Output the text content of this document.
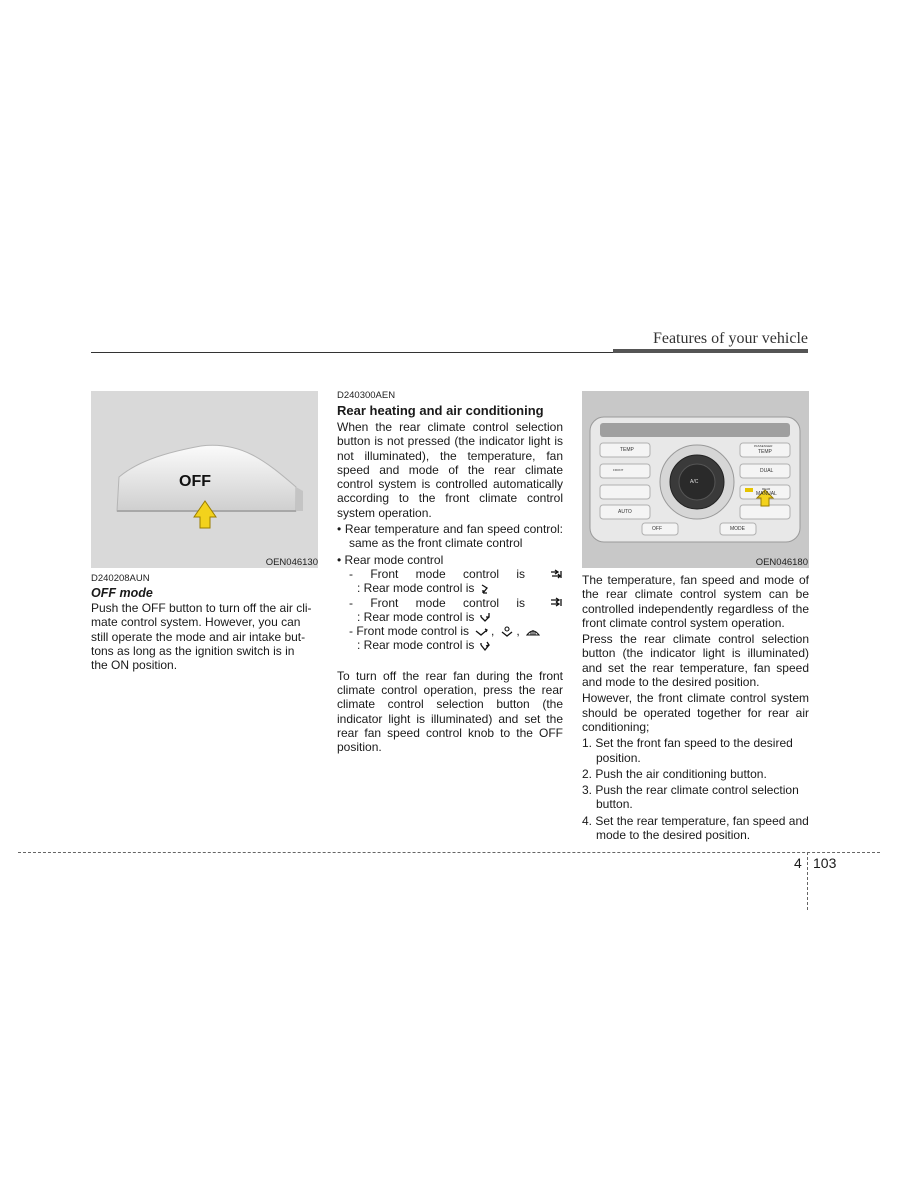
Features of your vehicle
OFF
OEN046130
D240208AUN
OFF mode

Push the OFF button to turn off the air cli-

mate control system. However, you can

still operate the mode and air intake but-

tons as long as the ignition switch is in

the ON position.

D240300AEN
Rear heating and air conditioning

When the rear climate control selection button is not pressed (the indicator light is not illuminated), the temperature, fan speed and mode of the rear climate control system is controlled automatically according to the front climate control system operation.

• Rear temperature and fan speed control: same as the front climate control

• Rear mode control

- Front mode control is

: Rear mode control is

- Front mode control is

: Rear mode control is

- Front mode control is , ,

: Rear mode control is

To turn off the rear fan during the front climate control operation, press the rear climate control selection button (the indicator light is illuminated) and set the rear fan speed control knob to the OFF position.

TEMP
PASSENGER
TEMP
DUAL
REAR
MANUAL
FRONT
AUTO
OFF	MODE
A/C
OEN046180

The temperature, fan speed and mode of the rear climate control system can be controlled independently regardless of the front climate control system operation.

Press the rear climate control selection button (the indicator light is illuminated) and set the rear temperature, fan speed and mode to the desired position.

However, the front climate control system should be operated together for rear air conditioning;

1. Set the front fan speed to the desired position.

2. Push the air conditioning button.

3. Push the rear climate control selection button.

4. Set the rear temperature, fan speed and mode to the desired position.

4 103
